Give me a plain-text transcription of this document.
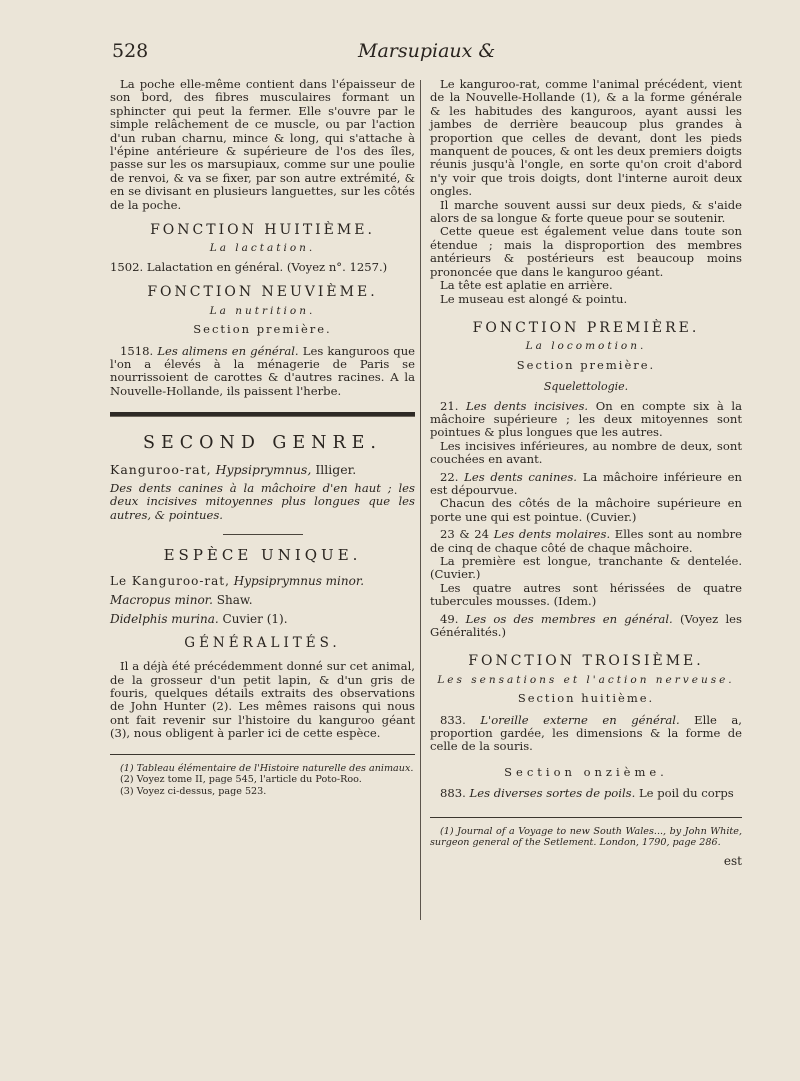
528	Marsupiaux &

La poche elle-même contient dans l'épaisseur de son bord, des fibres musculaires formant un sphincter qui peut la fermer. Elle s'ouvre par le simple relâchement de ce muscle, ou par l'action d'un ruban charnu, mince & long, qui s'attache à l'épine antérieure & supérieure de l'os des îles, passe sur les os marsupiaux, comme sur une poulie de renvoi, & va se fixer, par son autre extrémité, & en se divisant en plusieurs languettes, sur les côtés de la poche.

FONCTION HUITIÈME.
La lactation.

1502. Lalactation en général. (Voyez n°. 1257.)

FONCTION NEUVIÈME.
La nutrition.
Section première.

1518. Les alimens en général. Les kanguroos que l'on a élevés à la ménagerie de Paris se nourrissoient de carottes & d'autres racines. A la Nouvelle-Hollande, ils paissent l'herbe.

SECOND GENRE.

Kanguroo-rat, Hypsiprymnus, Illiger.

Des dents canines à la mâchoire d'en haut ; les deux incisives mitoyennes plus longues que les autres, & pointues.

ESPÈCE UNIQUE.

Le Kanguroo-rat, Hypsiprymnus minor.

Macropus minor. Shaw.

Didelphis murina. Cuvier (1).

GÉNÉRALITÉS.

Il a déjà été précédemment donné sur cet animal, de la grosseur d'un petit lapin, & d'un gris de fouris, quelques détails extraits des observations de John Hunter (2). Les mêmes raisons qui nous ont fait revenir sur l'histoire du kanguroo géant (3), nous obligent à parler ici de cette espèce.

(1) Tableau élémentaire de l'Histoire naturelle des animaux.

(2) Voyez tome II, page 545, l'article du Poto-Roo.

(3) Voyez ci-dessus, page 523.

Le kanguroo-rat, comme l'animal précédent, vient de la Nouvelle-Hollande (1), & a la forme générale & les habitudes des kanguroos, ayant aussi les jambes de derrière beaucoup plus grandes à proportion que celles de devant, dont les pieds manquent de pouces, & ont les deux premiers doigts réunis jusqu'à l'ongle, en sorte qu'on croit d'abord n'y voir que trois doigts, dont l'interne auroit deux ongles.

Il marche souvent aussi sur deux pieds, & s'aide alors de sa longue & forte queue pour se soutenir.

Cette queue est également velue dans toute son étendue ; mais la disproportion des membres antérieurs & postérieurs est beaucoup moins prononcée que dans le kanguroo géant.

La tête est aplatie en arrière.

Le museau est alongé & pointu.

FONCTION PREMIÈRE.
La locomotion.
Section première.
Squelettologie.

21. Les dents incisives. On en compte six à la mâchoire supérieure ; les deux mitoyennes sont pointues & plus longues que les autres.

Les incisives inférieures, au nombre de deux, sont couchées en avant.

22. Les dents canines. La mâchoire inférieure en est dépourvue.

Chacun des côtés de la mâchoire supérieure en porte une qui est pointue. (Cuvier.)

23 & 24 Les dents molaires. Elles sont au nombre de cinq de chaque côté de chaque mâchoire.

La première est longue, tranchante & dentelée. (Cuvier.)

Les quatre autres sont hérissées de quatre tubercules mousses. (Idem.)

49. Les os des membres en général. (Voyez les Généralités.)

FONCTION TROISIÈME.
Les sensations et l'action nerveuse.
Section huitième.

833. L'oreille externe en général. Elle a, proportion gardée, les dimensions & la forme de celle de la souris.

Section onzième.

883. Les diverses sortes de poils. Le poil du corps

(1) Journal of a Voyage to new South Wales..., by John White, surgeon general of the Setlement. London, 1790, page 286.

est
